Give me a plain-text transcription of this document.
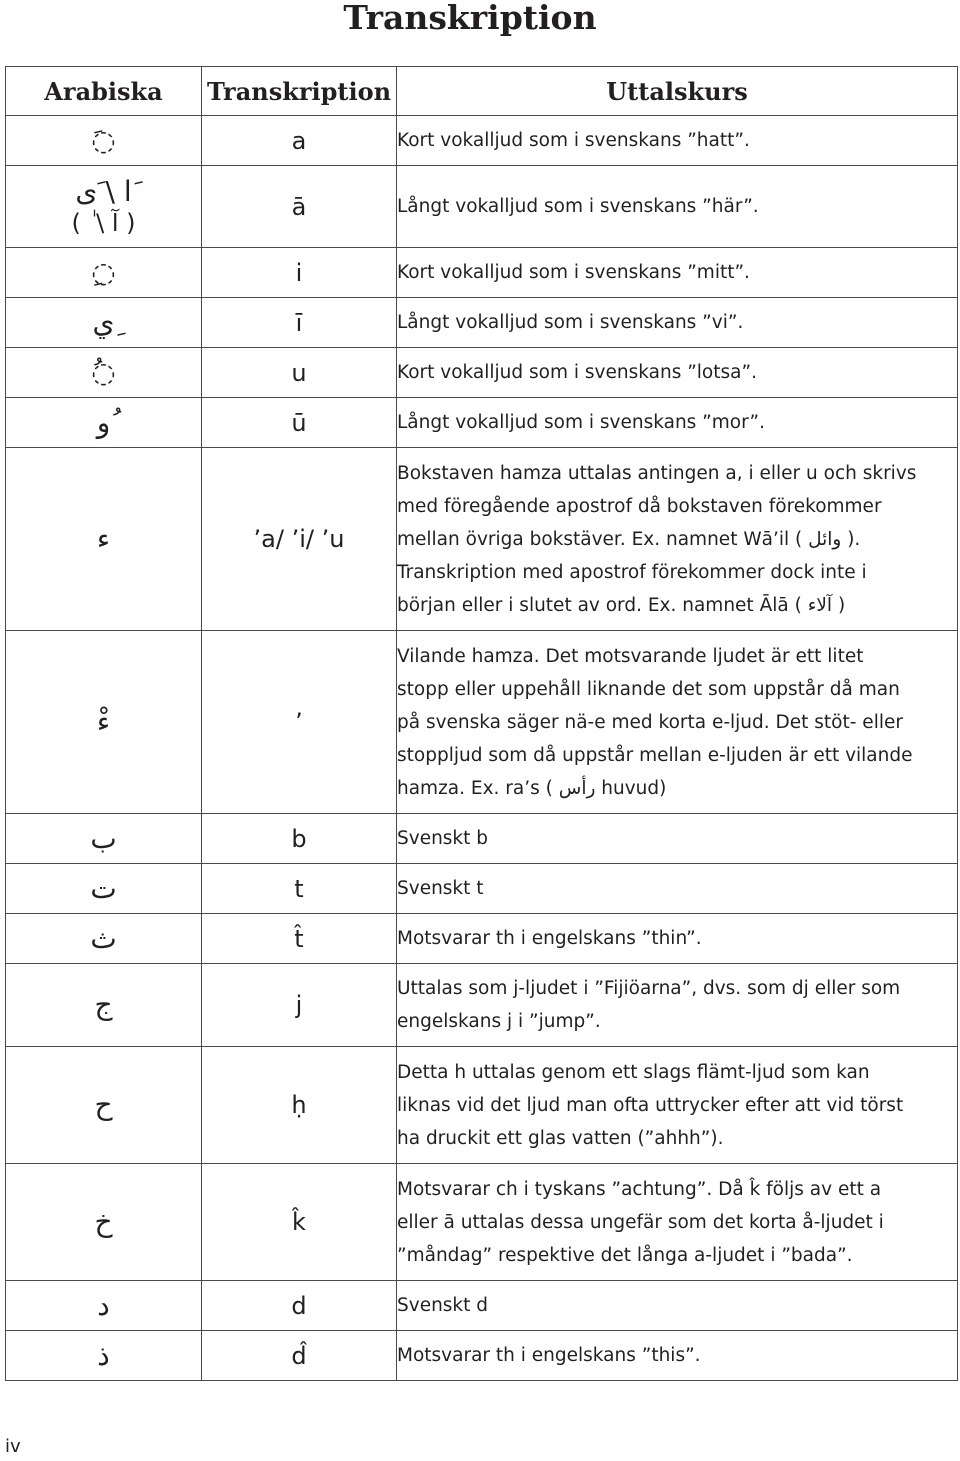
Transkription
Arabiska	Transkription	Uttalskurs
◌َ	a	Kort vokalljud som i svenskans ”hatt”.

َا \ َى
( آ \ ٰ )	ā	Långt vokalljud som i svenskans ”här”.

◌ِ	i	Kort vokalljud som i svenskans ”mitt”.

ِي	ī	Långt vokalljud som i svenskans ”vi”.

◌ُ	u	Kort vokalljud som i svenskans ”lotsa”.

ُو	ū	Långt vokalljud som i svenskans ”mor”.

ء	’a/ ’i/ ’u	Bokstaven hamza uttalas antingen a, i eller u och skrivs
med föregående apostrof då bokstaven förekommer
mellan övriga bokstäver. Ex. namnet Wā’il ( وائل ).
Transkription med apostrof förekommer dock inte i
början eller i slutet av ord. Ex. namnet Ālā ( آلاء )

ءْ	’	Vilande hamza. Det motsvarande ljudet är ett litet
stopp eller uppehåll liknande det som uppstår då man
på svenska säger nä-e med korta e-ljud. Det stöt- eller
stoppljud som då uppstår mellan e-ljuden är ett vilande
hamza. Ex. ra’s ( رأس huvud)

ب	b	Svenskt b

ت	t	Svenskt t

ث	t̂	Motsvarar th i engelskans ”thin”.

ج	j	Uttalas som j-ljudet i ”Fijiöarna”, dvs. som dj eller som
engelskans j i ”jump”.

ح	ḥ	Detta h uttalas genom ett slags flämt-ljud som kan
liknas vid det ljud man ofta uttrycker efter att vid törst
ha druckit ett glas vatten (”ahhh”).

خ	k̂	Motsvarar ch i tyskans ”achtung”. Då k̂ följs av ett a
eller ā uttalas dessa ungefär som det korta å-ljudet i
”måndag” respektive det långa a-ljudet i ”bada”.

د	d	Svenskt d

ذ	d̂	Motsvarar th i engelskans ”this”.
iv
